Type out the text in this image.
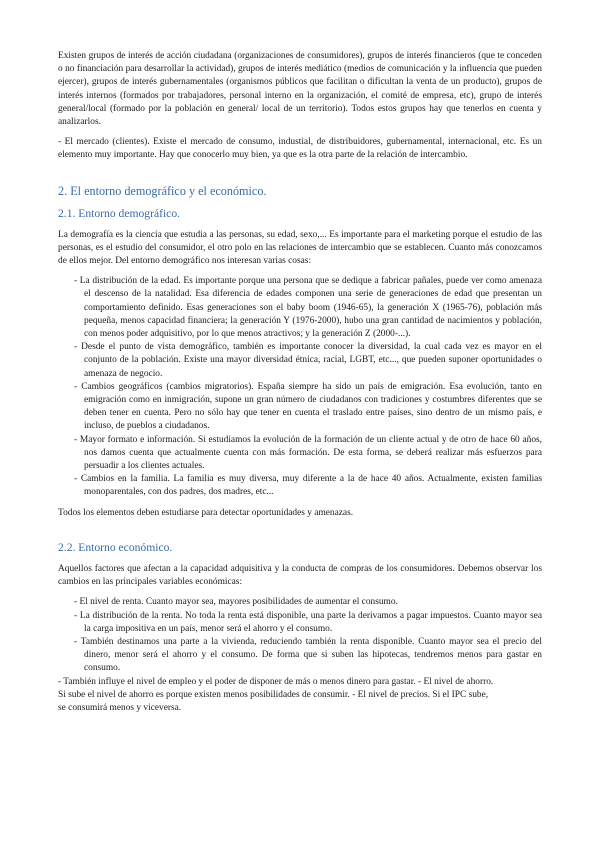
Existen grupos de interés de acción ciudadana (organizaciones de consumidores), grupos de interés financieros (que te conceden o no financiación para desarrollar la actividad), grupos de interés mediático (medios de comunicación y la influencia que pueden ejercer), grupos de interés gubernamentales (organismos públicos que facilitan o dificultan la venta de un producto), grupos de interés internos (formados por trabajadores, personal interno en la organización, el comité de empresa, etc), grupo de interés general/local (formado por la población en general/ local de un territorio). Todos estos grupos hay que tenerlos en cuenta y analizarlos.

- El mercado (clientes). Existe el mercado de consumo, industial, de distribuidores, gubernamental, internacional, etc. Es un elemento muy importante. Hay que conocerlo muy bien, ya que es la otra parte de la relación de intercambio.

2. El entorno demográfico y el económico.
2.1. Entorno demográfico.

La demografía es la ciencia que estudia a las personas, su edad, sexo,... Es importante para el marketing porque el estudio de las personas, es el estudio del consumidor, el otro polo en las relaciones de intercambio que se establecen. Cuanto más conozcamos de ellos mejor. Del entorno demográfico nos interesan varias cosas:

- La distribución de la edad. Es importante porque una persona que se dedique a fabricar pañales, puede ver como amenaza el descenso de la natalidad. Esa diferencia de edades componen una serie de generaciones de edad que presentan un comportamiento definido. Esas generaciones son el baby boom (1946-65), la generación X (1965-76), población más pequeña, menos capacidad financiera; la generación Y (1976-2000), hubo una gran cantidad de nacimientos y población, con menos poder adquisitivo, por lo que menos atractivos; y la generación Z (2000-...).
- Desde el punto de vista demográfico, también es importante conocer la diversidad, la cual cada vez es mayor en el conjunto de la población. Existe una mayor diversidad étnica, racial, LGBT, etc..., que pueden suponer oportunidades o amenaza de negocio.
- Cambios geográficos (cambios migratorios). España siempre ha sido un país de emigración. Esa evolución, tanto en emigración como en inmigración, supone un gran número de ciudadanos con tradiciones y costumbres diferentes que se deben tener en cuenta. Pero no sólo hay que tener en cuenta el traslado entre países, sino dentro de un mismo país, e incluso, de pueblos a ciudadanos.
- Mayor formato e información. Si estudiamos la evolución de la formación de un cliente actual y de otro de hace 60 años, nos damos cuenta que actualmente cuenta con más formación. De esta forma, se deberá realizar más esfuerzos para persuadir a los clientes actuales.
- Cambios en la familia. La familia es muy diversa, muy diferente a la de hace 40 años. Actualmente, existen familias monoparentales, con dos padres, dos madres, etc...

Todos los elementos deben estudiarse para detectar oportunidades y amenazas.

2.2. Entorno económico.

Aquellos factores que afectan a la capacidad adquisitiva y la conducta de compras de los consumidores. Debemos observar los cambios en las principales variables económicas:

- El nivel de renta. Cuanto mayor sea, mayores posibilidades de aumentar el consumo.
- La distribución de la renta. No toda la renta está disponible, una parte la derivamos a pagar impuestos. Cuanto mayor sea la carga impositiva en un país, menor será el ahorro y el consumo.
- También destinamos una parte a la vivienda, reduciendo también la renta disponible. Cuanto mayor sea el precio del dinero, menor será el ahorro y el consumo. De forma que si suben las hipotecas, tendremos menos para gastar en consumo.

- También influye el nivel de empleo y el poder de disponer de más o menos dinero para gastar. - El nivel de ahorro. Si sube el nivel de ahorro es porque existen menos posibilidades de consumir. - El nivel de precios. Si el IPC sube, se consumirá menos y viceversa.
